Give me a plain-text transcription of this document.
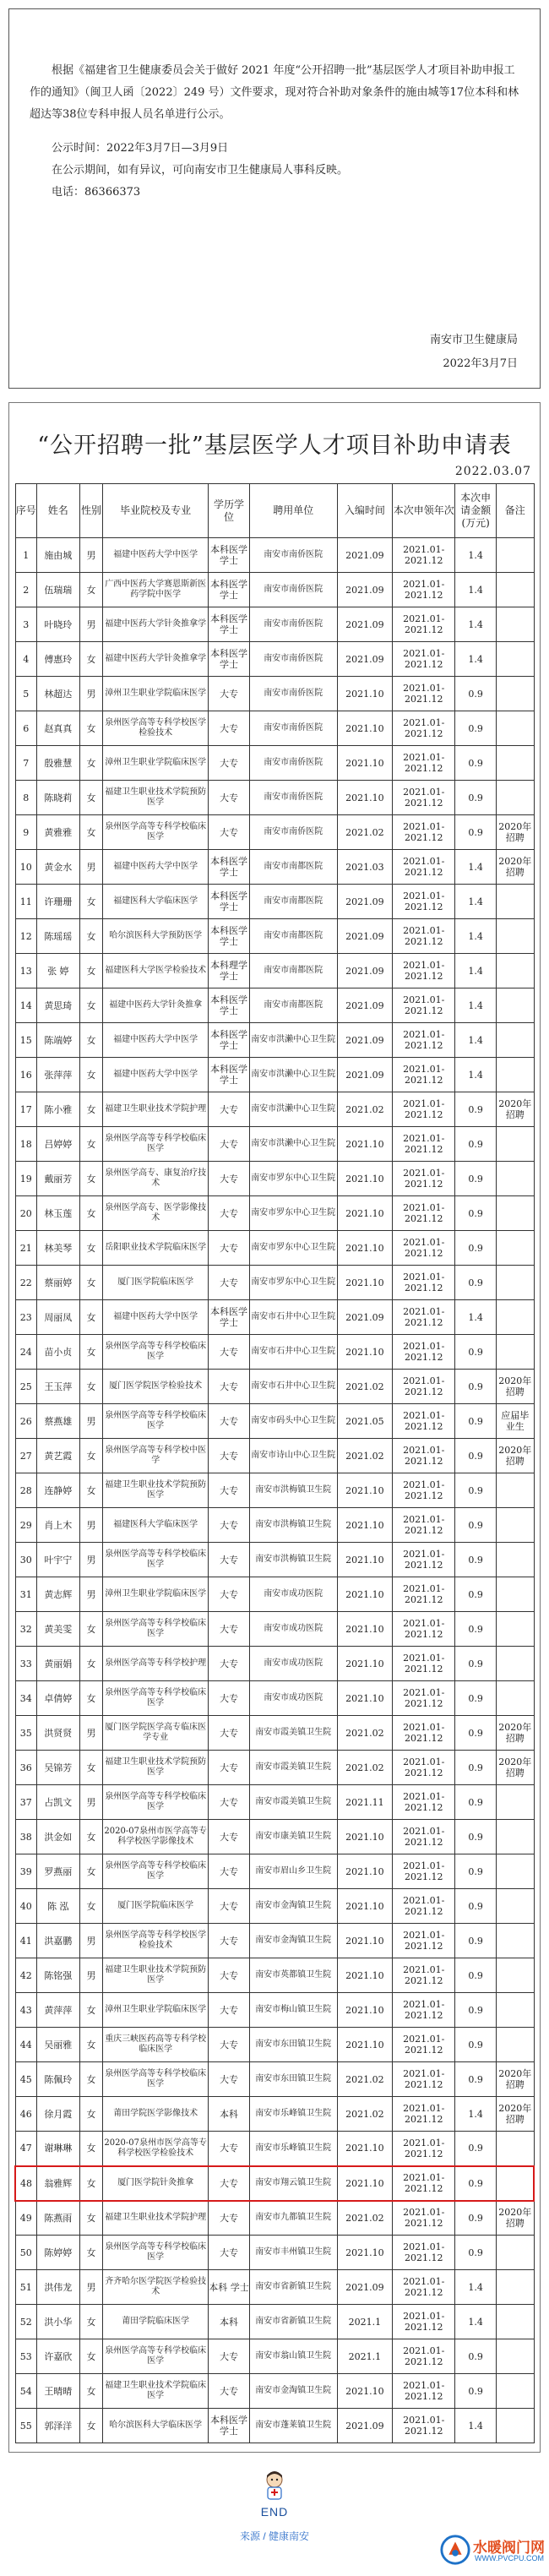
根据《福建省卫生健康委员会关于做好 2021 年度“公开招聘一批”基层医学人才项目补助申报工作的通知》（闽卫人函〔2022〕249 号）文件要求，现对符合补助对象条件的施由城等17位本科和林超达等38位专科申报人员名单进行公示。

公示时间：2022年3月7日—3月9日

在公示期间，如有异议，可向南安市卫生健康局人事科反映。

电话：86366373

南安市卫生健康局
2022年3月7日
“公开招聘一批”基层医学人才项目补助申请表
2022.03.07
序号	姓名	性别	毕业院校及专业	学历学位	聘用单位	入编时间	本次申领年次	本次申请金额(万元)	备注
1	施由城	男	福建中医药大学中医学	本科医学学士	南安市南侨医院	2021.09	2021.01-2021.12	1.4	
2	伍瑞瑞	女	广西中医药大学赛恩斯新医药学院中医学	本科医学学士	南安市南侨医院	2021.09	2021.01-2021.12	1.4	
3	叶晓玲	男	福建中医药大学针灸推拿学	本科医学学士	南安市南侨医院	2021.09	2021.01-2021.12	1.4	
4	傅惠玲	女	福建中医药大学针灸推拿学	本科医学学士	南安市南侨医院	2021.09	2021.01-2021.12	1.4	
5	林超达	男	漳州卫生职业学院临床医学	大专	南安市南侨医院	2021.10	2021.01-2021.12	0.9	
6	赵真真	女	泉州医学高等专科学校医学检验技术	大专	南安市南侨医院	2021.10	2021.01-2021.12	0.9	
7	殷雅慧	女	漳州卫生职业学院临床医学	大专	南安市南侨医院	2021.10	2021.01-2021.12	0.9	
8	陈晓莉	女	福建卫生职业技术学院预防医学	大专	南安市南侨医院	2021.10	2021.01-2021.12	0.9	
9	黄雅雅	女	泉州医学高等专科学校临床医学	大专	南安市南侨医院	2021.02	2021.01-2021.12	0.9	2020年招聘
10	黄金水	男	福建中医药大学中医学	本科医学学士	南安市南都医院	2021.03	2021.01-2021.12	1.4	2020年招聘
11	许珊珊	女	福建医科大学临床医学	本科医学学士	南安市南都医院	2021.09	2021.01-2021.12	1.4	
12	陈瑶瑶	女	哈尔滨医科大学预防医学	本科医学学士	南安市南都医院	2021.09	2021.01-2021.12	1.4	
13	张 婷	女	福建医科大学医学检验技术	本科理学学士	南安市南都医院	2021.09	2021.01-2021.12	1.4	
14	黄思琦	女	福建中医药大学针灸推拿	本科医学学士	南安市南都医院	2021.09	2021.01-2021.12	1.4	
15	陈端婷	女	福建中医药大学中医学	本科医学学士	南安市洪濑中心卫生院	2021.09	2021.01-2021.12	1.4	
16	张萍萍	女	福建中医药大学中医学	本科医学学士	南安市洪濑中心卫生院	2021.09	2021.01-2021.12	1.4	
17	陈小雅	女	福建卫生职业技术学院护理	大专	南安市洪濑中心卫生院	2021.02	2021.01-2021.12	0.9	2020年招聘
18	吕婷婷	女	泉州医学高等专科学校临床医学	大专	南安市洪濑中心卫生院	2021.10	2021.01-2021.12	0.9	
19	戴丽芳	女	泉州医学高专、康复治疗技术	大专	南安市罗东中心卫生院	2021.10	2021.01-2021.12	0.9	
20	林玉莲	女	泉州医学高专、医学影像技术	大专	南安市罗东中心卫生院	2021.10	2021.01-2021.12	0.9	
21	林美琴	女	岳阳职业技术学院临床医学	大专	南安市罗东中心卫生院	2021.10	2021.01-2021.12	0.9	
22	蔡丽婷	女	厦门医学院临床医学	大专	南安市罗东中心卫生院	2021.10	2021.01-2021.12	0.9	
23	周丽凤	女	福建中医药大学中医学	本科医学学士	南安市石井中心卫生院	2021.09	2021.01-2021.12	1.4	
24	苗小贞	女	泉州医学高等专科学校临床医学	大专	南安市石井中心卫生院	2021.10	2021.01-2021.12	0.9	
25	王玉萍	女	厦门医学院医学检验技术	大专	南安市石井中心卫生院	2021.02	2021.01-2021.12	0.9	2020年招聘
26	蔡燕雄	男	泉州医学高等专科学校临床医学	大专	南安市码头中心卫生院	2021.05	2021.01-2021.12	0.9	应届毕业生
27	黄艺霞	女	泉州医学高等专科学校中医学	大专	南安市诗山中心卫生院	2021.02	2021.01-2021.12	0.9	2020年招聘
28	连静婷	女	福建卫生职业技术学院预防医学	大专	南安市洪梅镇卫生院	2021.10	2021.01-2021.12	0.9	
29	肖上木	男	福建医科大学临床医学	大专	南安市洪梅镇卫生院	2021.10	2021.01-2021.12	0.9	
30	叶宇宁	男	泉州医学高等专科学校临床医学	大专	南安市洪梅镇卫生院	2021.10	2021.01-2021.12	0.9	
31	黄志辉	男	漳州卫生职业学院临床医学	大专	南安市成功医院	2021.10	2021.01-2021.12	0.9	
32	黄美雯	女	泉州医学高等专科学校临床医学	大专	南安市成功医院	2021.10	2021.01-2021.12	0.9	
33	黄丽娟	女	泉州医学高等专科学校护理	大专	南安市成功医院	2021.10	2021.01-2021.12	0.9	
34	卓倩婷	女	泉州医学高等专科学校临床医学	大专	南安市成功医院	2021.10	2021.01-2021.12	0.9	
35	洪贤贤	男	厦门医学院医学高专临床医学专业	大专	南安市霞美镇卫生院	2021.02	2021.01-2021.12	0.9	2020年招聘
36	吴锦芳	女	福建卫生职业技术学院预防医学	大专	南安市霞美镇卫生院	2021.02	2021.01-2021.12	0.9	2020年招聘
37	占凯文	男	泉州医学高等专科学校临床医学	大专	南安市霞美镇卫生院	2021.11	2021.01-2021.12	0.9	
38	洪金如	女	2020-07泉州市医学高等专科学校医学影像技术	大专	南安市康美镇卫生院	2021.10	2021.01-2021.12	0.9	
39	罗燕丽	女	泉州医学高等专科学校临床医学	大专	南安市眉山乡卫生院	2021.10	2021.01-2021.12	0.9	
40	陈 泓	女	厦门医学院临床医学	大专	南安市金淘镇卫生院	2021.10	2021.01-2021.12	0.9	
41	洪嘉鹏	男	泉州医学高等专科学校医学检验技术	大专	南安市金淘镇卫生院	2021.10	2021.01-2021.12	0.9	
42	陈铭强	男	福建卫生职业技术学院预防医学	大专	南安市英都镇卫生院	2021.10	2021.01-2021.12	0.9	
43	黄萍萍	女	漳州卫生职业学院临床医学	大专	南安市梅山镇卫生院	2021.10	2021.01-2021.12	0.9	
44	吴丽雅	女	重庆三峡医药高等专科学校临床医学	大专	南安市东田镇卫生院	2021.10	2021.01-2021.12	0.9	
45	陈佩玲	女	泉州医学高等专科学校临床医学	大专	南安市东田镇卫生院	2021.02	2021.01-2021.12	0.9	2020年招聘
46	徐月霞	女	莆田学院医学影像技术	本科	南安市乐峰镇卫生院	2021.02	2021.01-2021.12	1.4	2020年招聘
47	谢琳琳	女	2020-07泉州市医学高等专科学校医学检验技术	大专	南安市乐峰镇卫生院	2021.10	2021.01-2021.12	0.9	
48	翁雅辉	女	厦门医学院针灸推拿	大专	南安市翔云镇卫生院	2021.10	2021.01-2021.12	0.9	
49	陈燕雨	女	福建卫生职业技术学院护理	大专	南安市九都镇卫生院	2021.02	2021.01-2021.12	0.9	2020年招聘
50	陈婷婷	女	泉州医学高等专科学校临床医学	大专	南安市丰州镇卫生院	2021.10	2021.01-2021.12	0.9	
51	洪伟龙	男	齐齐哈尔医学院医学检验技术	本科 学士	南安市省新镇卫生院	2021.09	2021.01-2021.12	1.4	
52	洪小华	女	莆田学院临床医学	本科	南安市省新镇卫生院	2021.1	2021.01-2021.12	1.4	
53	许嘉欣	女	泉州医学高等专科学校临床医学	大专	南安市翁山镇卫生院	2021.1	2021.01-2021.12	0.9	
54	王晴晴	女	福建卫生职业技术学院临床医学	大专	南安市金淘镇卫生院	2021.10	2021.01-2021.12	0.9	
55	郭泽洋	女	哈尔滨医科大学临床医学	本科医学学士	南安市蓬莱镇卫生院	2021.09	2021.01-2021.12	1.4	
END
来源 / 健康南安
水暖阀门网
WWW.PVCPU.COM
